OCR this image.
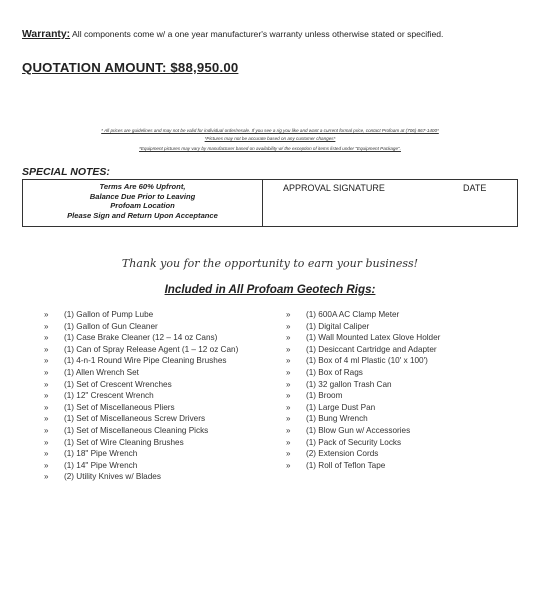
Warranty: All components come w/ a one year manufacturer's warranty unless otherwise stated or specified.
QUOTATION AMOUNT: $88,950.00
* All prices are guidelines and may not be valid for individual order/resale. If you see a rig you like and want a current formal price, contact Profoam at (706) 867-1400*
*Pictures may not be accurate based on any customer changes*
*Equipment pictures may vary by manufacturer based on availability w/ the exception of items listed under "Equipment Package".
SPECIAL NOTES:
Terms Are 60% Upfront,
Balance Due Prior to Leaving
Profoam Location
Please Sign and Return Upon Acceptance
APPROVAL SIGNATURE	DATE
Thank you for the opportunity to earn your business!
Included in All Profoam Geotech Rigs:
» (1) Gallon of Pump Lube
» (1) Gallon of Gun Cleaner
» (1) Case Brake Cleaner (12 – 14 oz Cans)
» (1) Can of Spray Release Agent (1 – 12 oz Can)
» (1) 4-n-1 Round Wire Pipe Cleaning Brushes
» (1) Allen Wrench Set
» (1) Set of Crescent Wrenches
» (1) 12" Crescent Wrench
» (1) Set of Miscellaneous Pliers
» (1) Set of Miscellaneous Screw Drivers
» (1) Set of Miscellaneous Cleaning Picks
» (1) Set of Wire Cleaning Brushes
» (1) 18" Pipe Wrench
» (1) 14" Pipe Wrench
» (2) Utility Knives w/ Blades
» (1) 600A AC Clamp Meter
» (1) Digital Caliper
» (1) Wall Mounted Latex Glove Holder
» (1) Desiccant Cartridge and Adapter
» (1) Box of 4 ml Plastic (10' x 100')
» (1) Box of Rags
» (1) 32 gallon Trash Can
» (1) Broom
» (1) Large Dust Pan
» (1) Bung Wrench
» (1) Blow Gun w/ Accessories
» (1) Pack of Security Locks
» (2) Extension Cords
» (1) Roll of Teflon Tape
